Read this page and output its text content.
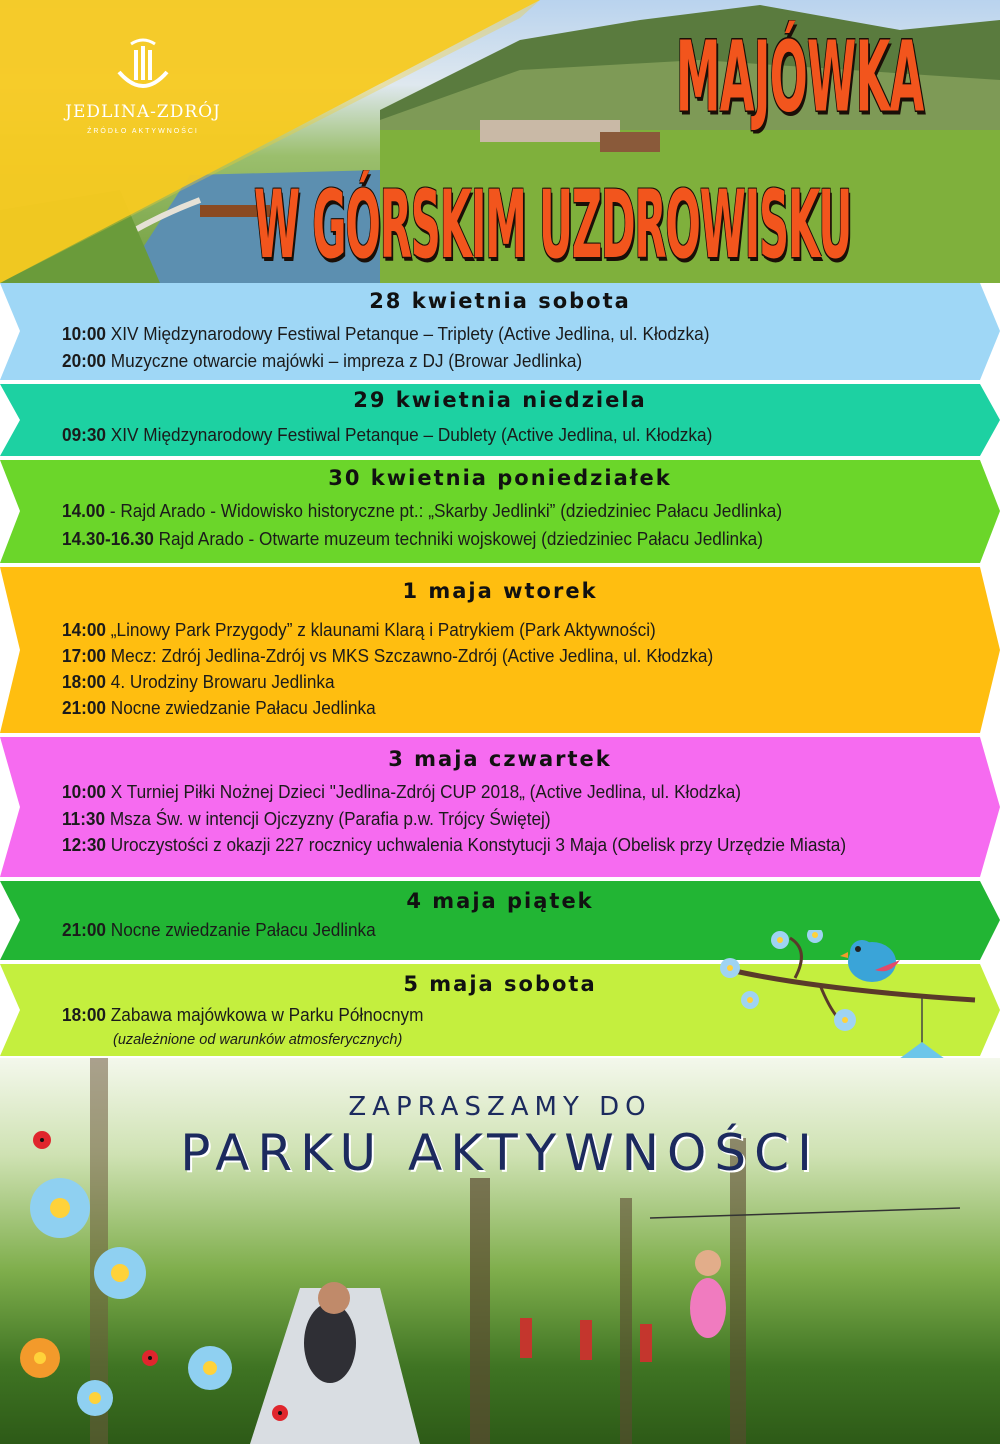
JEDLINA-ZDRÓJ
ŹRÓDŁO AKTYWNOŚCI	MAJÓWKA
W GÓRSKIM UZDROWISKU
28 kwietnia sobota
10:00 XIV Międzynarodowy Festiwal Petanque – Triplety (Active Jedlina, ul. Kłodzka)
20:00 Muzyczne otwarcie majówki – impreza z DJ (Browar Jedlinka)
29 kwietnia niedziela
09:30 XIV Międzynarodowy Festiwal Petanque – Dublety (Active Jedlina, ul. Kłodzka)
30 kwietnia poniedziałek
14.00 - Rajd Arado - Widowisko historyczne pt.: „Skarby Jedlinki” (dziedziniec Pałacu Jedlinka)
14.30-16.30 Rajd Arado - Otwarte muzeum techniki wojskowej (dziedziniec Pałacu Jedlinka)
1 maja wtorek
14:00 „Linowy Park Przygody” z klaunami Klarą i Patrykiem (Park Aktywności)
17:00 Mecz: Zdrój Jedlina-Zdrój vs MKS Szczawno-Zdrój (Active Jedlina, ul. Kłodzka)
18:00 4. Urodziny Browaru Jedlinka
21:00 Nocne zwiedzanie Pałacu Jedlinka
3 maja czwartek
10:00 X Turniej Piłki Nożnej Dzieci "Jedlina-Zdrój CUP 2018„ (Active Jedlina, ul. Kłodzka)
11:30 Msza Św. w intencji Ojczyzny (Parafia p.w. Trójcy Świętej)
12:30 Uroczystości z okazji 227 rocznicy uchwalenia Konstytucji 3 Maja (Obelisk przy Urzędzie Miasta)
4 maja piątek
21:00 Nocne zwiedzanie Pałacu Jedlinka
5 maja sobota
18:00 Zabawa majówkowa w Parku Północnym
(uzależnione od warunków atmosferycznych)
ZAPRASZAMY DO
PARKU AKTYWNOŚCI
